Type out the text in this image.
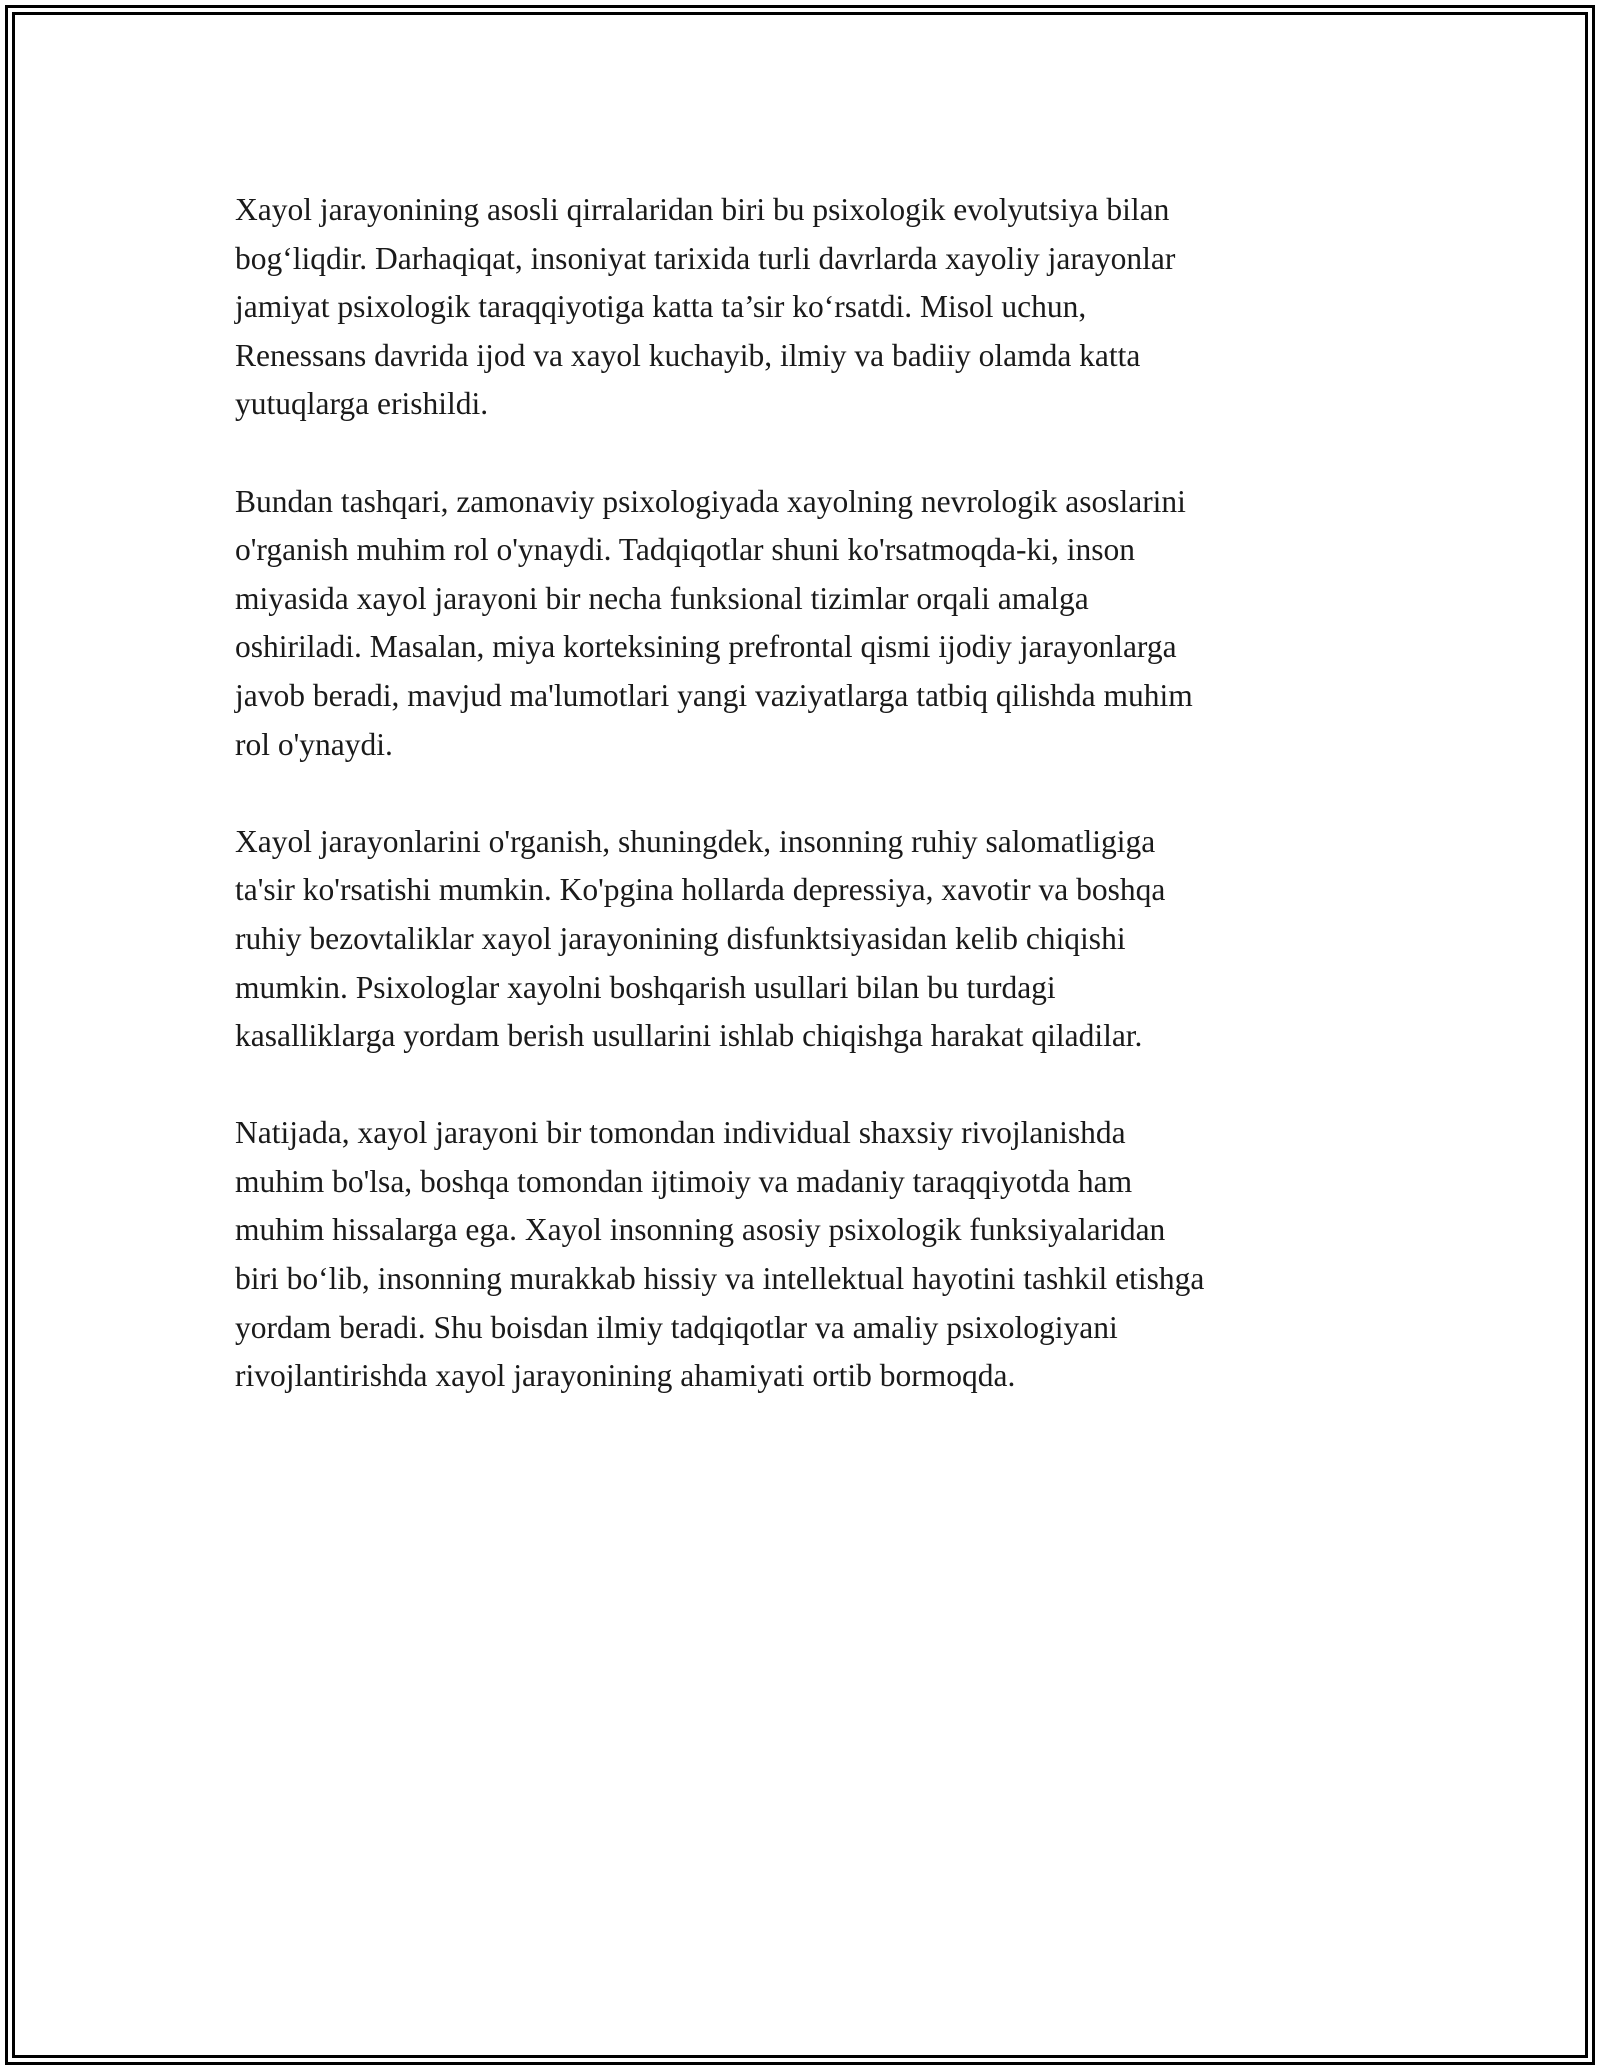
Xayol jarayonining asosli qirralaridan biri bu psixologik evolyutsiya bilan
bog‘liqdir. Darhaqiqat, insoniyat tarixida turli davrlarda xayoliy jarayonlar
jamiyat psixologik taraqqiyotiga katta ta’sir ko‘rsatdi. Misol uchun,
Renessans davrida ijod va xayol kuchayib, ilmiy va badiiy olamda katta
yutuqlarga erishildi.

Bundan tashqari, zamonaviy psixologiyada xayolning nevrologik asoslarini
o'rganish muhim rol o'ynaydi. Tadqiqotlar shuni ko'rsatmoqda-ki, inson
miyasida xayol jarayoni bir necha funksional tizimlar orqali amalga
oshiriladi. Masalan, miya korteksining prefrontal qismi ijodiy jarayonlarga
javob beradi, mavjud ma'lumotlari yangi vaziyatlarga tatbiq qilishda muhim
rol o'ynaydi.

Xayol jarayonlarini o'rganish, shuningdek, insonning ruhiy salomatligiga
ta'sir ko'rsatishi mumkin. Ko'pgina hollarda depressiya, xavotir va boshqa
ruhiy bezovtaliklar xayol jarayonining disfunktsiyasidan kelib chiqishi
mumkin. Psixologlar xayolni boshqarish usullari bilan bu turdagi
kasalliklarga yordam berish usullarini ishlab chiqishga harakat qiladilar.

Natijada, xayol jarayoni bir tomondan individual shaxsiy rivojlanishda
muhim bo'lsa, boshqa tomondan ijtimoiy va madaniy taraqqiyotda ham
muhim hissalarga ega. Xayol insonning asosiy psixologik funksiyalaridan
biri bo‘lib, insonning murakkab hissiy va intellektual hayotini tashkil etishga
yordam beradi. Shu boisdan ilmiy tadqiqotlar va amaliy psixologiyani
rivojlantirishda xayol jarayonining ahamiyati ortib bormoqda.
